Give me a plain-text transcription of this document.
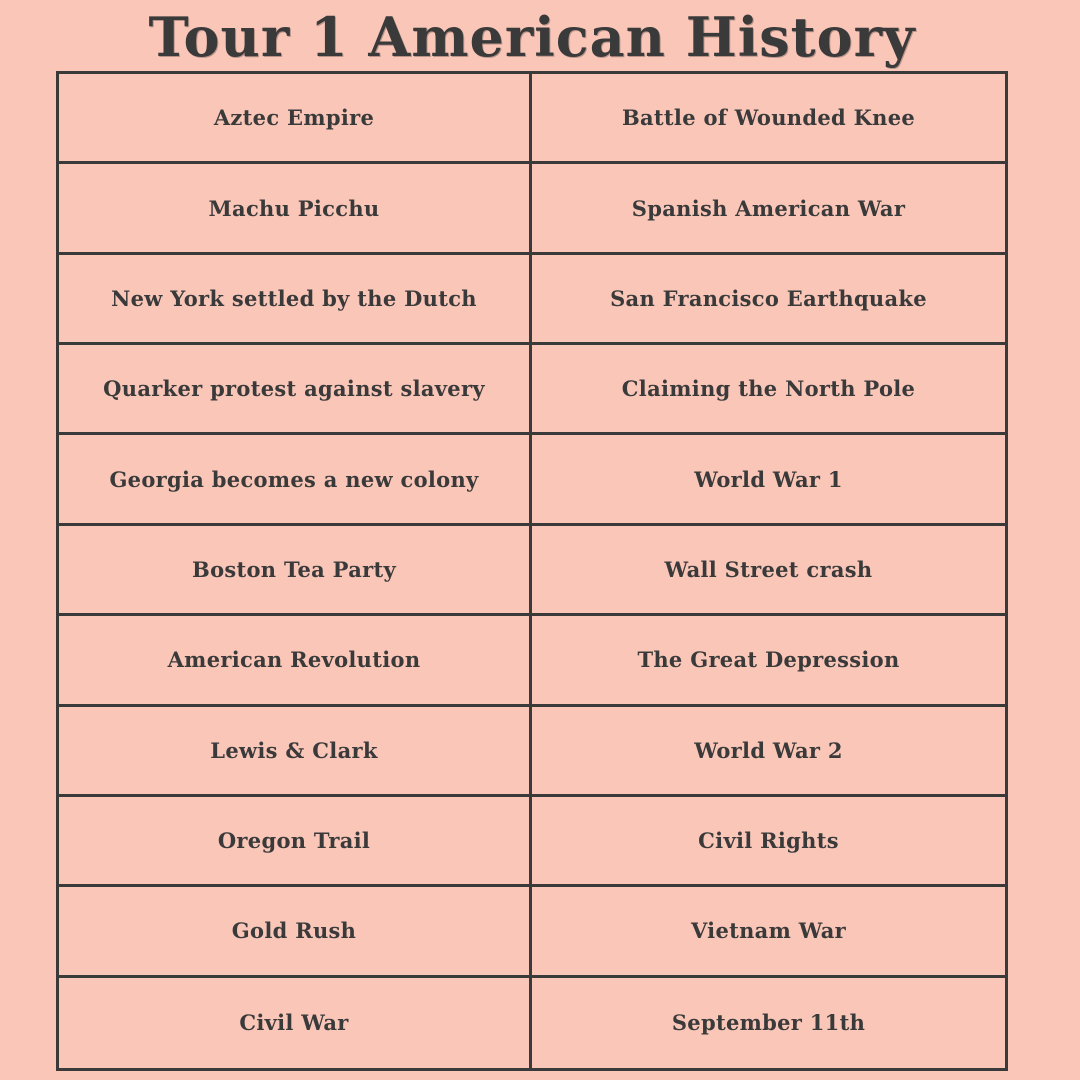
Tour 1 American History
Aztec Empire	Battle of Wounded Knee
Machu Picchu	Spanish American War
New York settled by the Dutch	San Francisco Earthquake
Quarker protest against slavery	Claiming the North Pole
Georgia becomes a new colony	World War 1
Boston Tea Party	Wall Street crash
American Revolution	The Great Depression
Lewis & Clark	World War 2
Oregon Trail	Civil Rights
Gold Rush	Vietnam War
Civil War	September 11th
